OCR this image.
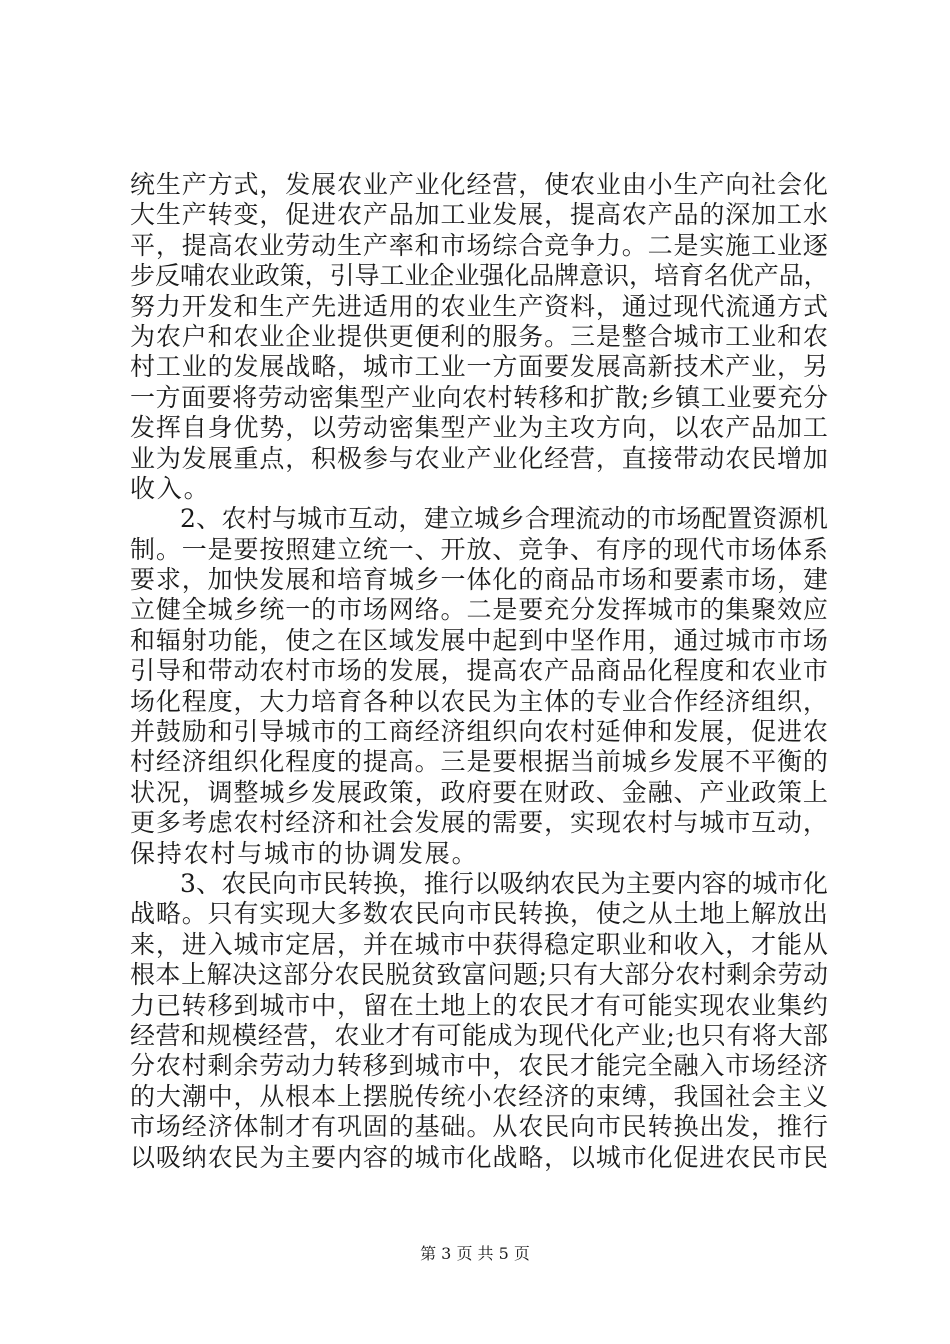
统生产方式，发展农业产业化经营，使农业由小生产向社会化
大生产转变，促进农产品加工业发展，提高农产品的深加工水
平，提高农业劳动生产率和市场综合竞争力。二是实施工业逐
步反哺农业政策，引导工业企业强化品牌意识，培育名优产品，
努力开发和生产先进适用的农业生产资料，通过现代流通方式
为农户和农业企业提供更便利的服务。三是整合城市工业和农
村工业的发展战略，城市工业一方面要发展高新技术产业，另
一方面要将劳动密集型产业向农村转移和扩散;乡镇工业要充分
发挥自身优势，以劳动密集型产业为主攻方向，以农产品加工
业为发展重点，积极参与农业产业化经营，直接带动农民增加
收入。
2、农村与城市互动，建立城乡合理流动的市场配置资源机
制。一是要按照建立统一、开放、竞争、有序的现代市场体系
要求，加快发展和培育城乡一体化的商品市场和要素市场，建
立健全城乡统一的市场网络。二是要充分发挥城市的集聚效应
和辐射功能，使之在区域发展中起到中坚作用，通过城市市场
引导和带动农村市场的发展，提高农产品商品化程度和农业市
场化程度，大力培育各种以农民为主体的专业合作经济组织，
并鼓励和引导城市的工商经济组织向农村延伸和发展，促进农
村经济组织化程度的提高。三是要根据当前城乡发展不平衡的
状况，调整城乡发展政策，政府要在财政、金融、产业政策上
更多考虑农村经济和社会发展的需要，实现农村与城市互动，
保持农村与城市的协调发展。
3、农民向市民转换，推行以吸纳农民为主要内容的城市化
战略。只有实现大多数农民向市民转换，使之从土地上解放出
来，进入城市定居，并在城市中获得稳定职业和收入，才能从
根本上解决这部分农民脱贫致富问题;只有大部分农村剩余劳动
力已转移到城市中，留在土地上的农民才有可能实现农业集约
经营和规模经营，农业才有可能成为现代化产业;也只有将大部
分农村剩余劳动力转移到城市中，农民才能完全融入市场经济
的大潮中，从根本上摆脱传统小农经济的束缚，我国社会主义
市场经济体制才有巩固的基础。从农民向市民转换出发，推行
以吸纳农民为主要内容的城市化战略，以城市化促进农民市民
第 3 页 共 5 页
